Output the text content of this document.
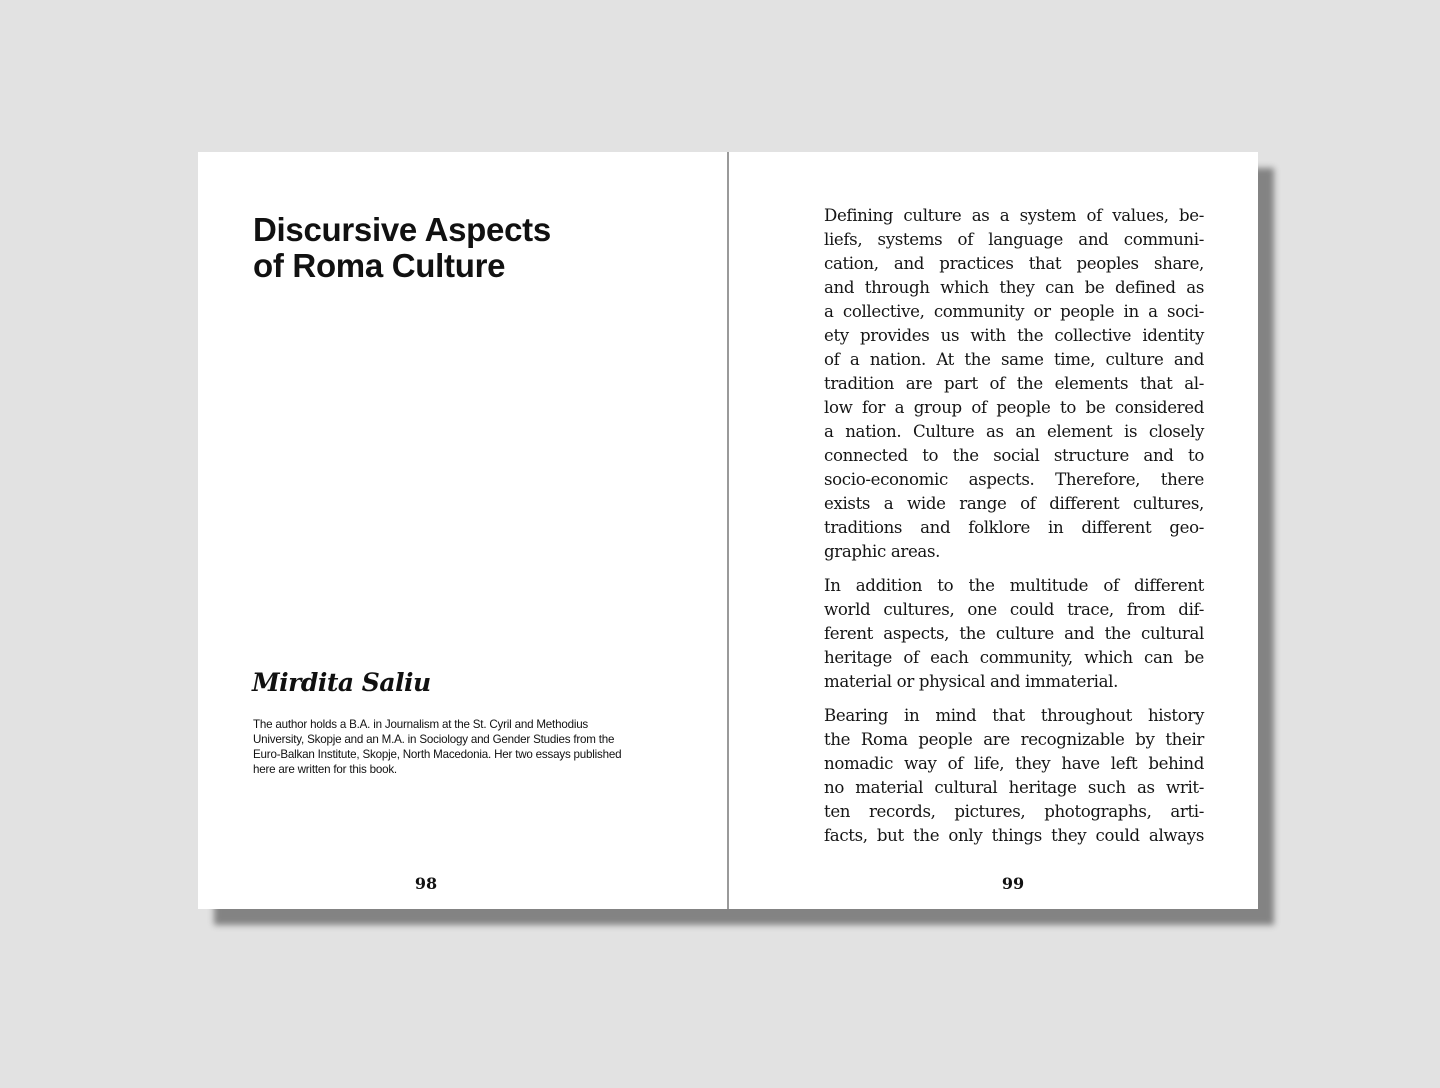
Discursive Aspects
of Roma Culture
Mirdita Saliu

The author holds a B.A. in Journalism at the St. Cyril and Methodius University, Skopje and an M.A. in Sociology and Gender Studies from the Euro-Balkan Institute, Skopje, North Macedonia. Her two essays published here are written for this book.

98

Defining culture as a system of values, be-
liefs, systems of language and communi-
cation, and practices that peoples share,
and through which they can be defined as
a collective, community or people in a soci-
ety provides us with the collective identity
of a nation. At the same time, culture and
tradition are part of the elements that al-
low for a group of people to be considered
a nation. Culture as an element is closely
connected to the social structure and to
socio-economic aspects. Therefore, there
exists a wide range of different cultures,
traditions and folklore in different geo-
graphic areas.

In addition to the multitude of different
world cultures, one could trace, from dif-
ferent aspects, the culture and the cultural
heritage of each community, which can be
material or physical and immaterial.

Bearing in mind that throughout history
the Roma people are recognizable by their
nomadic way of life, they have left behind
no material cultural heritage such as writ-
ten records, pictures, photographs, arti-
facts, but the only things they could always

99
